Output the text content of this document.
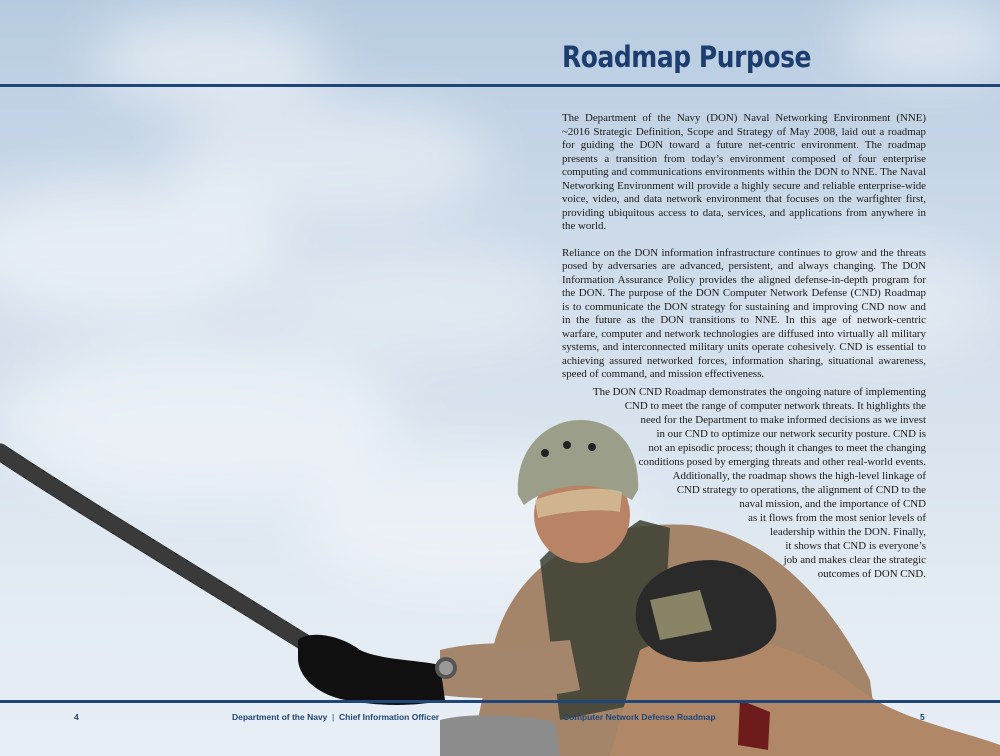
Roadmap Purpose

The Department of the Navy (DON) Naval Networking Environment (NNE) ~2016 Strategic Definition, Scope and Strategy of May 2008, laid out a roadmap for guiding the DON toward a future net-centric environment. The roadmap presents a transition from today’s environment composed of four enterprise computing and communications environments within the DON to NNE. The Naval Networking Environment will provide a highly secure and reliable enterprise-wide voice, video, and data network environment that focuses on the warfighter first, providing ubiquitous access to data, services, and applications from anywhere in the world.

Reliance on the DON information infrastructure continues to grow and the threats posed by adversaries are advanced, persistent, and always changing. The DON Information Assurance Policy provides the aligned defense-in-depth program for the DON. The purpose of the DON Computer Network Defense (CND) Roadmap is to communicate the DON strategy for sustaining and improving CND now and in the future as the DON transitions to NNE. In this age of network-centric warfare, computer and network technologies are diffused into virtually all military systems, and interconnected military units operate cohesively. CND is essential to achieving assured networked forces, information sharing, situational awareness, speed of command, and mission effectiveness.

The DON CND Roadmap demonstrates the ongoing nature of implementing
CND to meet the range of computer network threats. It highlights the
need for the Department to make informed decisions as we invest
in our CND to optimize our network security posture. CND is
not an episodic process; though it changes to meet the changing
conditions posed by emerging threats and other real-world events.
Additionally, the roadmap shows the high-level linkage of
CND strategy to operations, the alignment of CND to the
naval mission, and the importance of CND
as it flows from the most senior levels of
leadership within the DON. Finally,
it shows that CND is everyone’s
job and makes clear the strategic
outcomes of DON CND.
4	Department of the Navy | Chief Information Officer	Computer Network Defense Roadmap	5
